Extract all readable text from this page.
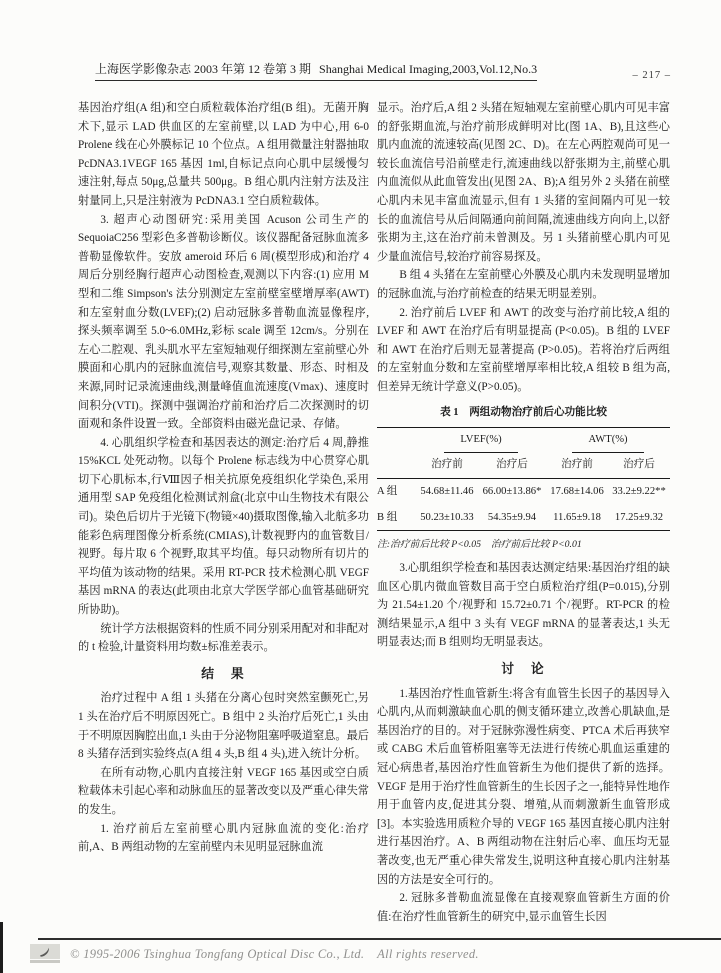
上海医学影像杂志 2003 年第 12 卷第 3 期 Shanghai Medical Imaging,2003,Vol.12,No.3	– 217 –

基因治疗组(A 组)和空白质粒载体治疗组(B 组)。无菌开胸术下,显示 LAD 供血区的左室前壁,以 LAD 为中心,用 6-0 Prolene 线在心外膜标记 10 个位点。A 组用微量注射器抽取 PcDNA3.1VEGF 165 基因 1ml,自标记点向心肌中层缓慢匀速注射,每点 50μg,总量共 500μg。B 组心肌内注射方法及注射量同上,只是注射液为 PcDNA3.1 空白质粒载体。

3. 超声心动图研究:采用美国 Acuson 公司生产的 SequoiaC256 型彩色多普勒诊断仪。该仪器配备冠脉血流多普勒显像软件。安放 ameroid 环后 6 周(模型形成)和治疗 4 周后分别经胸行超声心动图检查,观测以下内容:(1) 应用 M 型和二维 Simpson's 法分别测定左室前壁室壁增厚率(AWT)和左室射血分数(LVEF);(2) 启动冠脉多普勒血流显像程序,探头频率调至 5.0~6.0MHz,彩标 scale 调至 12cm/s。分别在左心二腔观、乳头肌水平左室短轴观仔细探测左室前壁心外膜面和心肌内的冠脉血流信号,观察其数量、形态、时相及来源,同时记录流速曲线,测量峰值血流速度(Vmax)、速度时间积分(VTI)。探测中强调治疗前和治疗后二次探测时的切面观和条件设置一致。全部资料由磁光盘记录、存储。

4. 心肌组织学检查和基因表达的测定:治疗后 4 周,静推 15%KCL 处死动物。以每个 Prolene 标志线为中心贯穿心肌切下心肌标本,行Ⅷ因子相关抗原免疫组织化学染色,采用通用型 SAP 免疫组化检测试剂盒(北京中山生物技术有限公司)。染色后切片于光镜下(物镜×40)摄取图像,输入北航多功能彩色病理图像分析系统(CMIAS),计数视野内的血管数目/视野。每片取 6 个视野,取其平均值。每只动物所有切片的平均值为该动物的结果。采用 RT-PCR 技术检测心肌 VEGF 基因 mRNA 的表达(此项由北京大学医学部心血管基础研究所协助)。

统计学方法根据资料的性质不同分别采用配对和非配对的 t 检验,计量资料用均数±标准差表示。

结　果

治疗过程中 A 组 1 头猪在分离心包时突然室颤死亡,另 1 头在治疗后不明原因死亡。B 组中 2 头治疗后死亡,1 头由于不明原因胸腔出血,1 头由于分泌物阻塞呼吸道窒息。最后 8 头猪存活到实验终点(A 组 4 头,B 组 4 头),进入统计分析。

在所有动物,心肌内直接注射 VEGF 165 基因或空白质粒载体未引起心率和动脉血压的显著改变以及严重心律失常的发生。

1. 治疗前后左室前壁心肌内冠脉血流的变化:治疗前,A、B 两组动物的左室前壁内未见明显冠脉血流

显示。治疗后,A 组 2 头猪在短轴观左室前壁心肌内可见丰富的舒张期血流,与治疗前形成鲜明对比(图 1A、B),且这些心肌内血流的流速较高(见图 2C、D)。在左心两腔观尚可见一较长血流信号沿前壁走行,流速曲线以舒张期为主,前壁心肌内血流似从此血管发出(见图 2A、B);A 组另外 2 头猪在前壁心肌内未见丰富血流显示,但有 1 头猪的室间隔内可见一较长的血流信号从后间隔通向前间隔,流速曲线方向向上,以舒张期为主,这在治疗前未曾测及。另 1 头猪前壁心肌内可见少量血流信号,较治疗前容易探及。

B 组 4 头猪在左室前壁心外膜及心肌内未发现明显增加的冠脉血流,与治疗前检查的结果无明显差别。

2. 治疗前后 LVEF 和 AWT 的改变与治疗前比较,A 组的 LVEF 和 AWT 在治疗后有明显提高 (P<0.05)。B 组的 LVEF 和 AWT 在治疗后则无显著提高 (P>0.05)。若将治疗后两组的左室射血分数和左室前壁增厚率相比较,A 组较 B 组为高,但差异无统计学意义(P>0.05)。

表 1　两组动物治疗前后心功能比较
	LVEF(%)		AWT(%)	
	治疗前	治疗后	治疗前	治疗后
A 组	54.68±11.46	66.00±13.86*	17.68±14.06	33.2±9.22**
B 组	50.23±10.33	54.35±9.94	11.65±9.18	17.25±9.32
注:治疗前后比较 P<0.05　治疗前后比较 P<0.01

3.心肌组织学检查和基因表达测定结果:基因治疗组的缺血区心肌内微血管数目高于空白质粒治疗组(P=0.015),分别为 21.54±1.20 个/视野和 15.72±0.71 个/视野。RT-PCR 的检测结果显示,A 组中 3 头有 VEGF mRNA 的显著表达,1 头无明显表达;而 B 组则均无明显表达。

讨　论

1.基因治疗性血管新生:将含有血管生长因子的基因导入心肌内,从而刺激缺血心肌的侧支循环建立,改善心肌缺血,是基因治疗的目的。对于冠脉弥漫性病变、PTCA 术后再狭窄或 CABG 术后血管桥阻塞等无法进行传统心肌血运重建的冠心病患者,基因治疗性血管新生为他们提供了新的选择。VEGF 是用于治疗性血管新生的生长因子之一,能特异性地作用于血管内皮,促进其分裂、增殖,从而刺激新生血管形成[3]。本实验选用质粒介导的 VEGF 165 基因直接心肌内注射进行基因治疗。A、B 两组动物在注射后心率、血压均无显著改变,也无严重心律失常发生,说明这种直接心肌内注射基因的方法是安全可行的。

2. 冠脉多普勒血流显像在直接观察血管新生方面的价值:在治疗性血管新生的研究中,显示血管生长因

© 1995-2006 Tsinghua Tongfang Optical Disc Co., Ltd.　All rights reserved.
